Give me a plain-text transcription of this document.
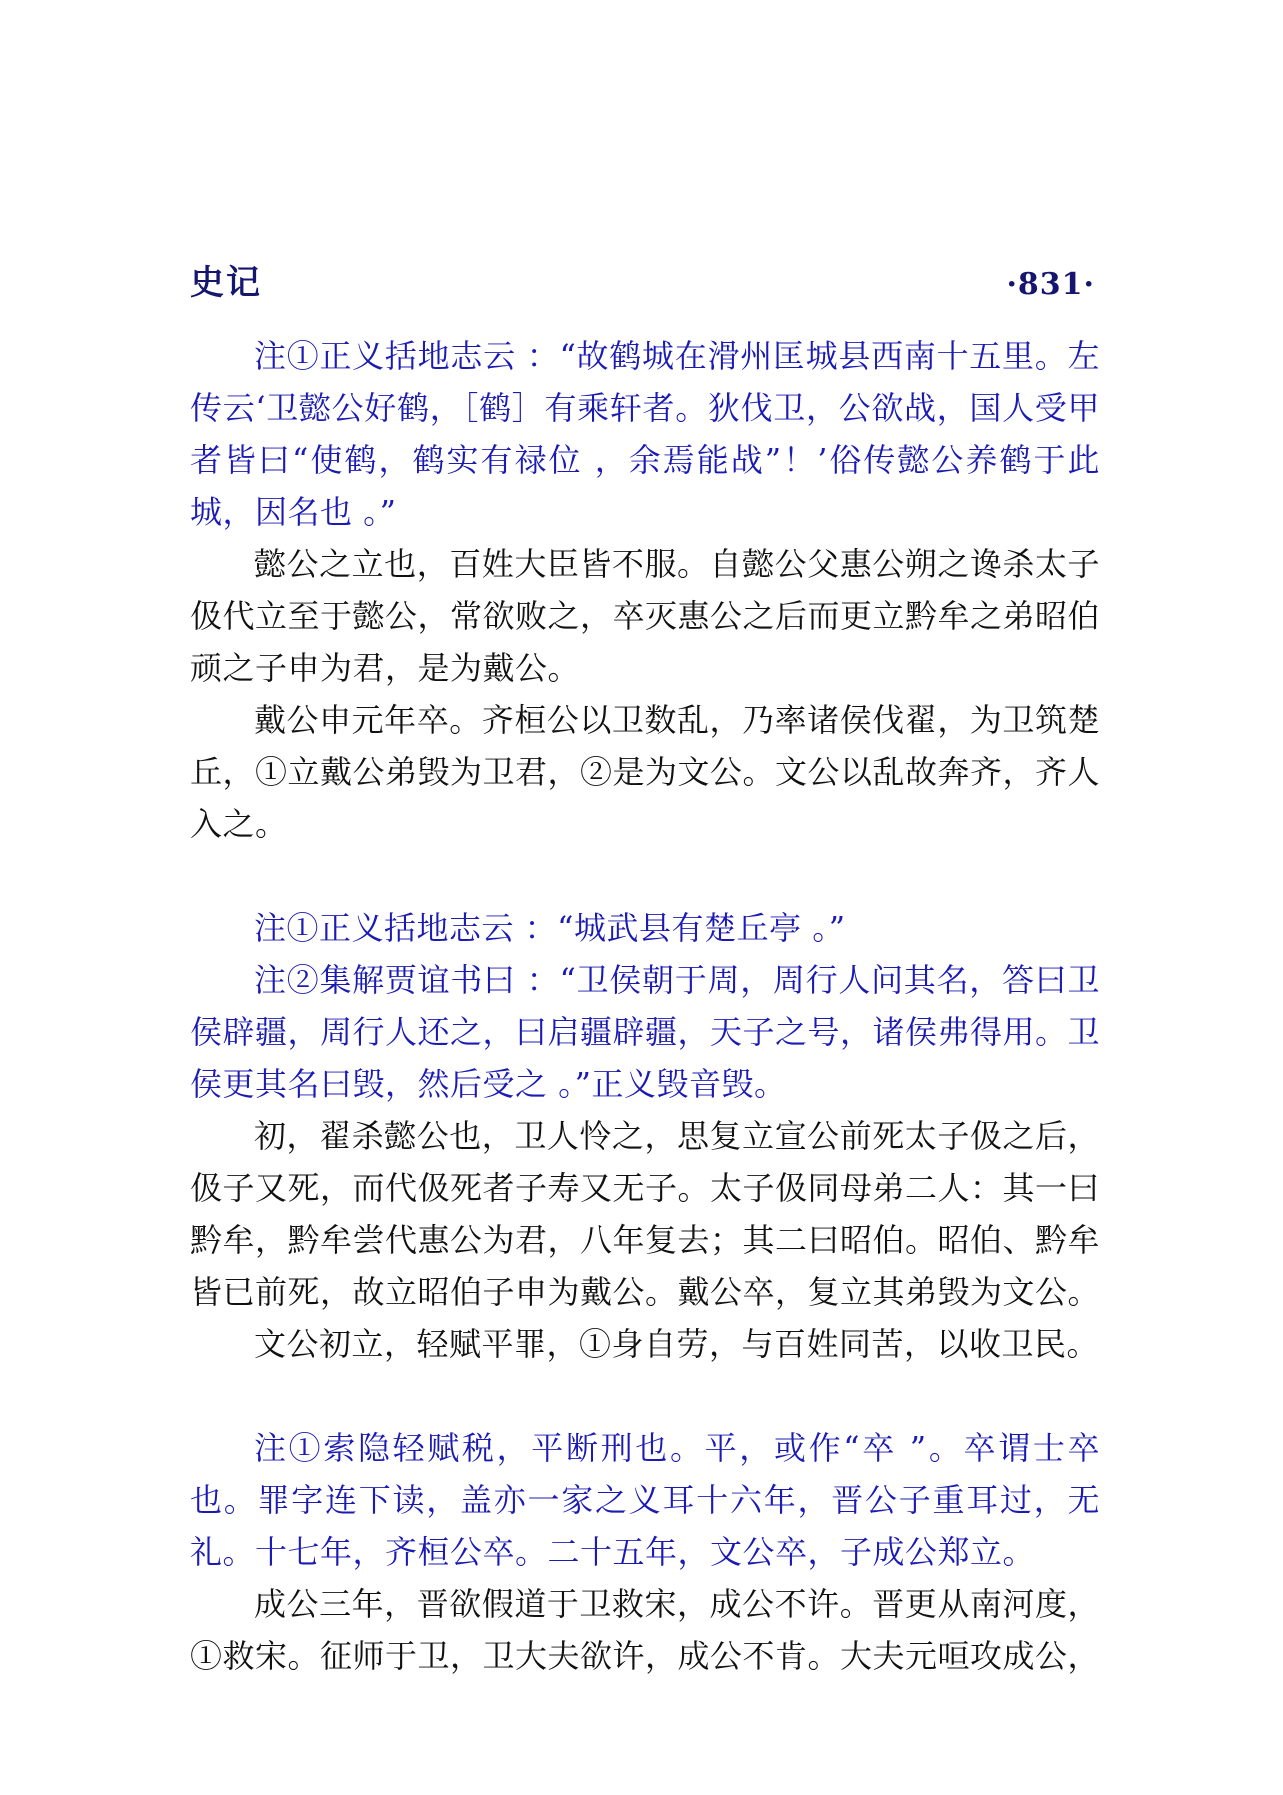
史记	·831·

注①正义括地志云 ：“故鹤城在滑州匡城县西南十五里。左传云‘卫懿公好鹤，［鹤］有乘轩者。狄伐卫，公欲战，国人受甲者皆曰“使鹤，鹤实有禄位 ，余焉能战”！’俗传懿公养鹤于此城，因名也 。”

懿公之立也，百姓大臣皆不服。自懿公父惠公朔之谗杀太子伋代立至于懿公，常欲败之，卒灭惠公之后而更立黔牟之弟昭伯顽之子申为君，是为戴公。

戴公申元年卒。齐桓公以卫数乱，乃率诸侯伐翟，为卫筑楚丘，①立戴公弟毁为卫君，②是为文公。文公以乱故奔齐，齐人入之。

注①正义括地志云 ：“城武县有楚丘亭 。”

注②集解贾谊书曰 ：“卫侯朝于周，周行人问其名，答曰卫侯辟疆，周行人还之，曰启疆辟疆，天子之号，诸侯弗得用。卫侯更其名曰毁，然后受之 。”正义毁音毁。

初，翟杀懿公也，卫人怜之，思复立宣公前死太子伋之后，伋子又死，而代伋死者子寿又无子。太子伋同母弟二人：其一曰黔牟，黔牟尝代惠公为君，八年复去；其二曰昭伯。昭伯、黔牟皆已前死，故立昭伯子申为戴公。戴公卒，复立其弟毁为文公。

文公初立，轻赋平罪，①身自劳，与百姓同苦，以收卫民。

注①索隐轻赋税，平断刑也。平，或作“卒 ”。卒谓士卒也。罪字连下读，盖亦一家之义耳十六年，晋公子重耳过，无礼。十七年，齐桓公卒。二十五年，文公卒，子成公郑立。

成公三年，晋欲假道于卫救宋，成公不许。晋更从南河度，①救宋。征师于卫，卫大夫欲许，成公不肯。大夫元咺攻成公，
